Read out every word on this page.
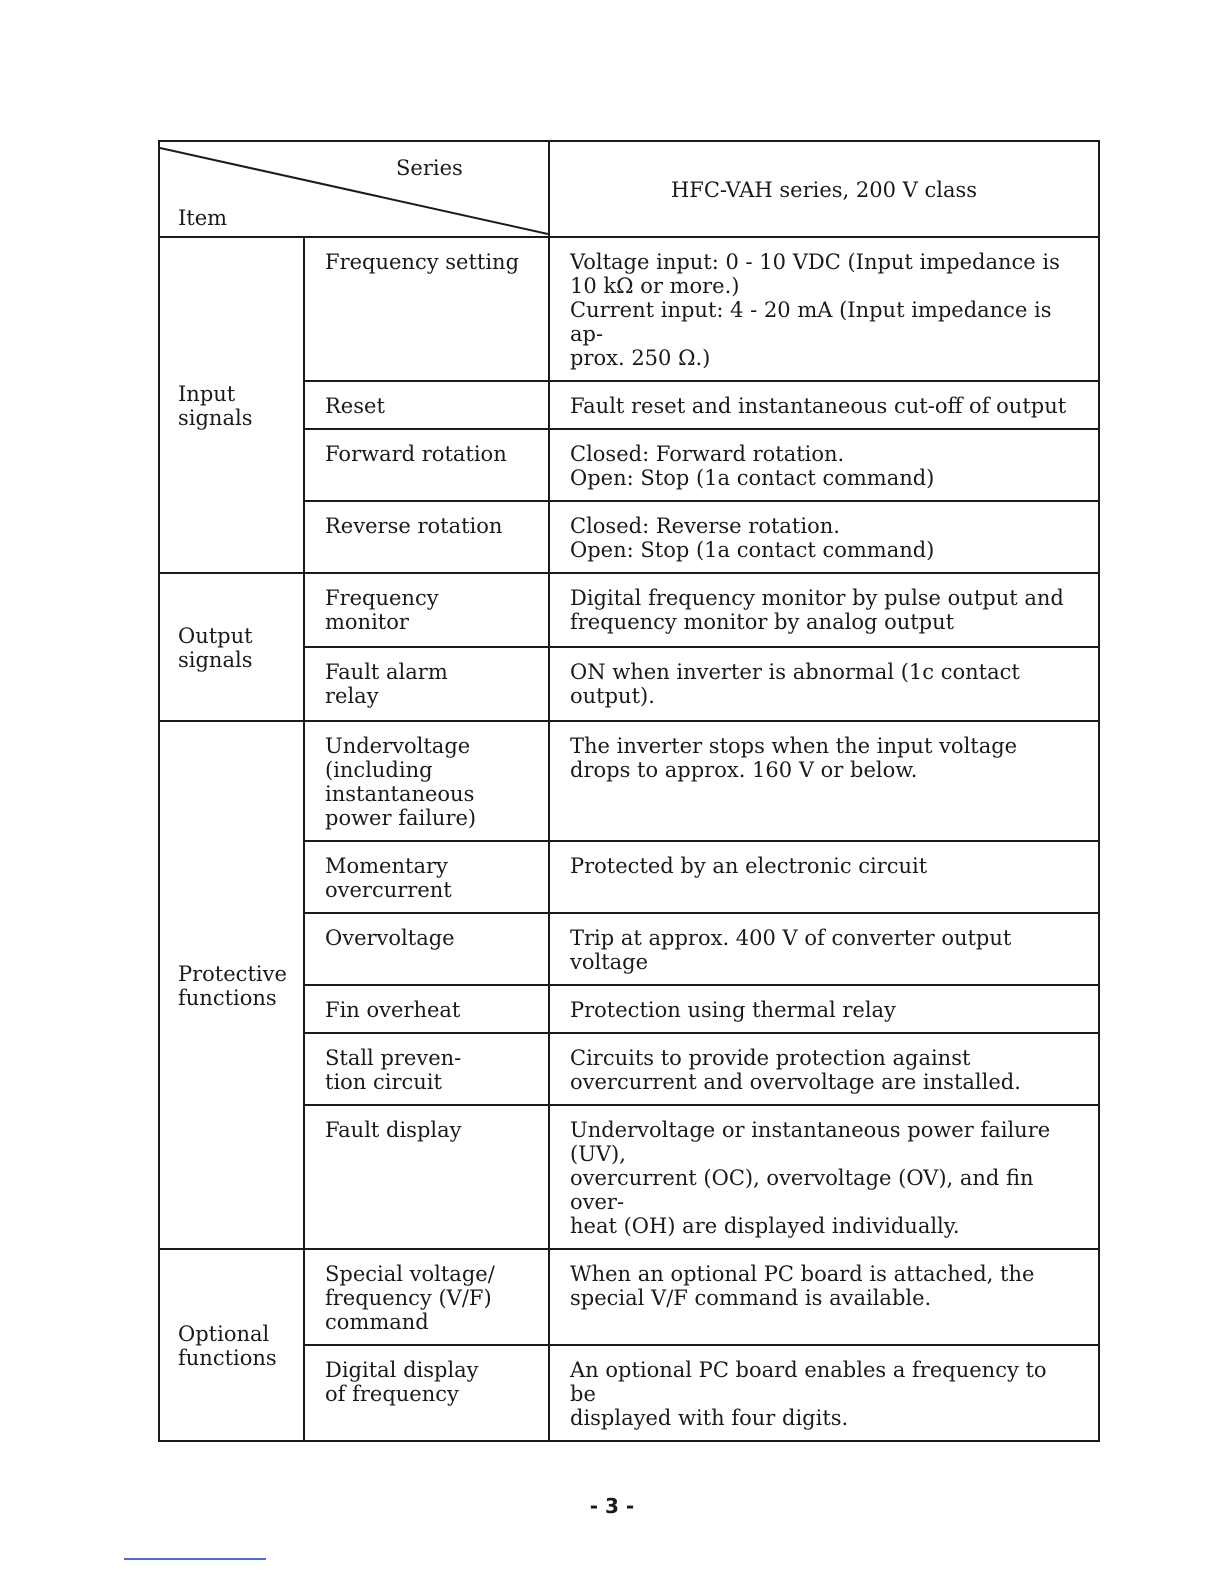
Series
Item		HFC-VAH series, 200 V class

Input
signals	Frequency setting	Voltage input: 0 - 10 VDC (Input impedance is
10 kΩ or more.)
Current input: 4 - 20 mA (Input impedance is ap-
prox. 250 Ω.)

	Reset	Fault reset and instantaneous cut-off of output

	Forward rotation	Closed: Forward rotation.
Open: Stop (1a contact command)

	Reverse rotation	Closed: Reverse rotation.
Open: Stop (1a contact command)

Output
signals	Frequency
monitor	Digital frequency monitor by pulse output and
frequency monitor by analog output

	Fault alarm
relay	ON when inverter is abnormal (1c contact
output).

Protective
functions	Undervoltage
(including
instantaneous
power failure)	The inverter stops when the input voltage
drops to approx. 160 V or below.

	Momentary
overcurrent	Protected by an electronic circuit

	Overvoltage	Trip at approx. 400 V of converter output
voltage

	Fin overheat	Protection using thermal relay

	Stall preven-
tion circuit	Circuits to provide protection against
overcurrent and overvoltage are installed.

	Fault display	Undervoltage or instantaneous power failure (UV),
overcurrent (OC), overvoltage (OV), and fin over-
heat (OH) are displayed individually.

Optional
functions	Special voltage/
frequency (V/F)
command	When an optional PC board is attached, the
special V/F command is available.

	Digital display
of frequency	An optional PC board enables a frequency to be
displayed with four digits.
- 3 -
